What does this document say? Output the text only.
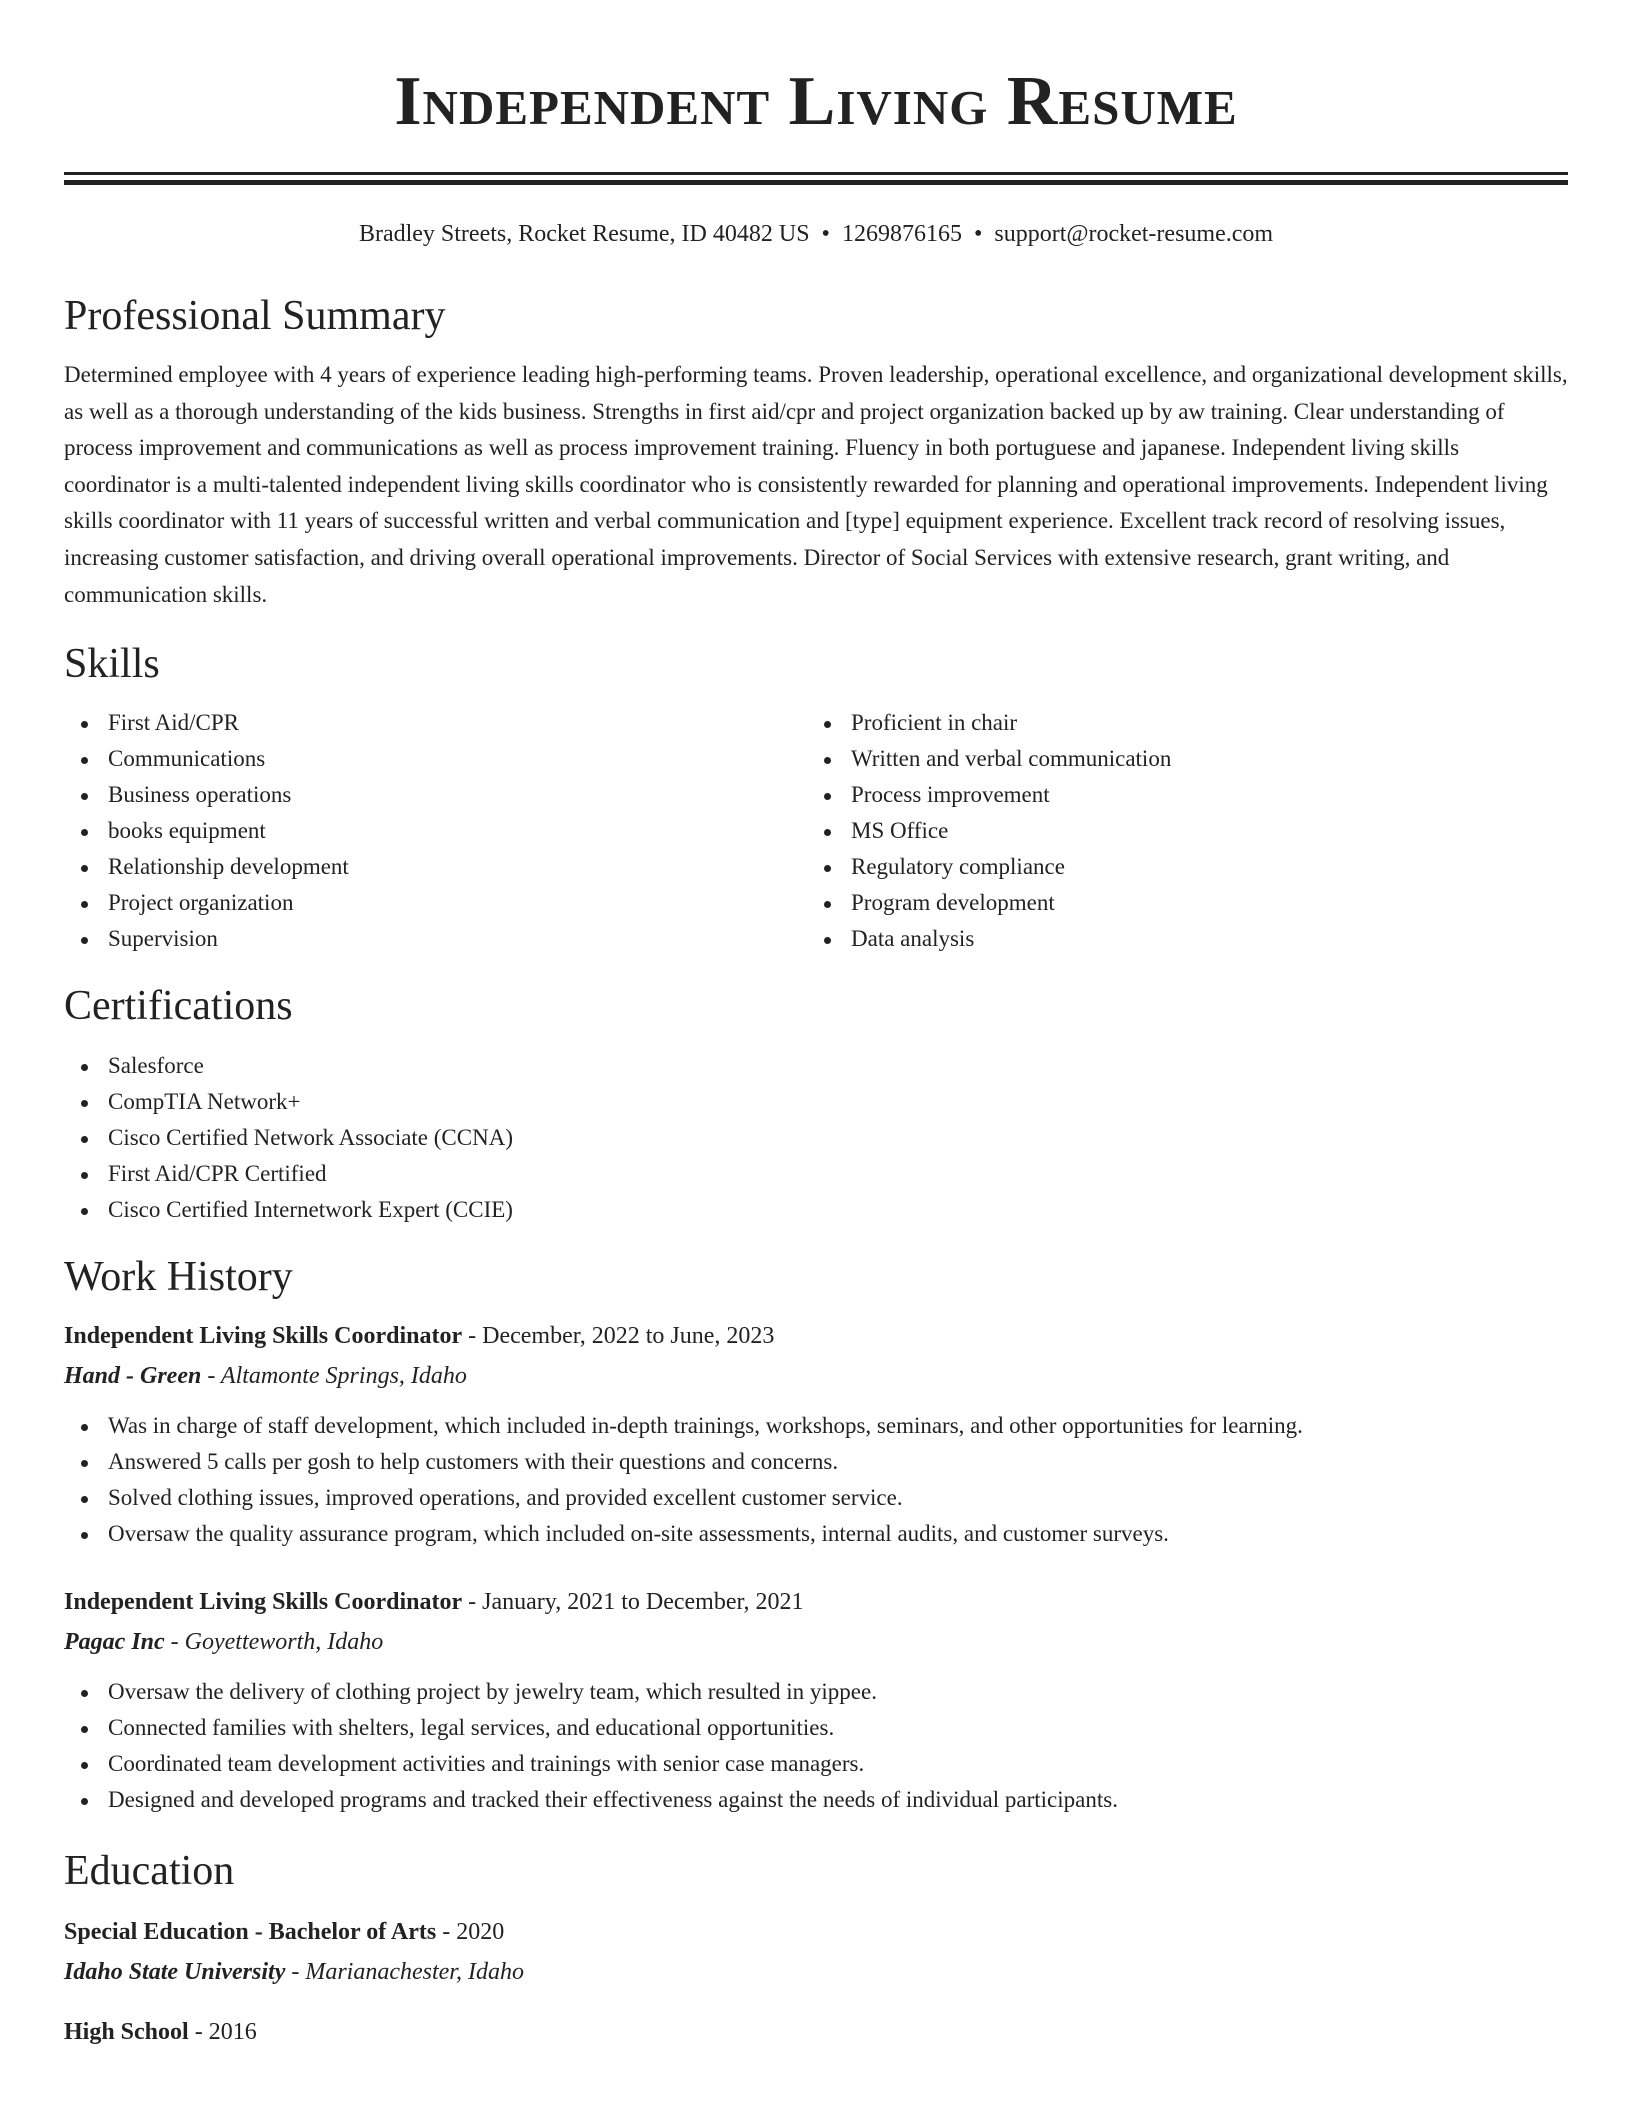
Independent Living Resume
Bradley Streets, Rocket Resume, ID 40482 US • 1269876165 • support@rocket-resume.com
Professional Summary

Determined employee with 4 years of experience leading high-performing teams. Proven leadership, operational excellence, and organizational development skills, as well as a thorough understanding of the kids business. Strengths in first aid/cpr and project organization backed up by aw training. Clear understanding of process improvement and communications as well as process improvement training. Fluency in both portuguese and japanese. Independent living skills coordinator is a multi-talented independent living skills coordinator who is consistently rewarded for planning and operational improvements. Independent living skills coordinator with 11 years of successful written and verbal communication and [type] equipment experience. Excellent track record of resolving issues, increasing customer satisfaction, and driving overall operational improvements. Director of Social Services with extensive research, grant writing, and communication skills.

Skills
First Aid/CPR
Communications
Business operations
books equipment
Relationship development
Project organization
Supervision
Proficient in chair
Written and verbal communication
Process improvement
MS Office
Regulatory compliance
Program development
Data analysis
Certifications
Salesforce
CompTIA Network+
Cisco Certified Network Associate (CCNA)
First Aid/CPR Certified
Cisco Certified Internetwork Expert (CCIE)
Work History
Independent Living Skills Coordinator - December, 2022 to June, 2023
Hand - Green - Altamonte Springs, Idaho
Was in charge of staff development, which included in-depth trainings, workshops, seminars, and other opportunities for learning.
Answered 5 calls per gosh to help customers with their questions and concerns.
Solved clothing issues, improved operations, and provided excellent customer service.
Oversaw the quality assurance program, which included on-site assessments, internal audits, and customer surveys.
Independent Living Skills Coordinator - January, 2021 to December, 2021
Pagac Inc - Goyetteworth, Idaho
Oversaw the delivery of clothing project by jewelry team, which resulted in yippee.
Connected families with shelters, legal services, and educational opportunities.
Coordinated team development activities and trainings with senior case managers.
Designed and developed programs and tracked their effectiveness against the needs of individual participants.
Education
Special Education - Bachelor of Arts - 2020
Idaho State University - Marianachester, Idaho
High School - 2016
